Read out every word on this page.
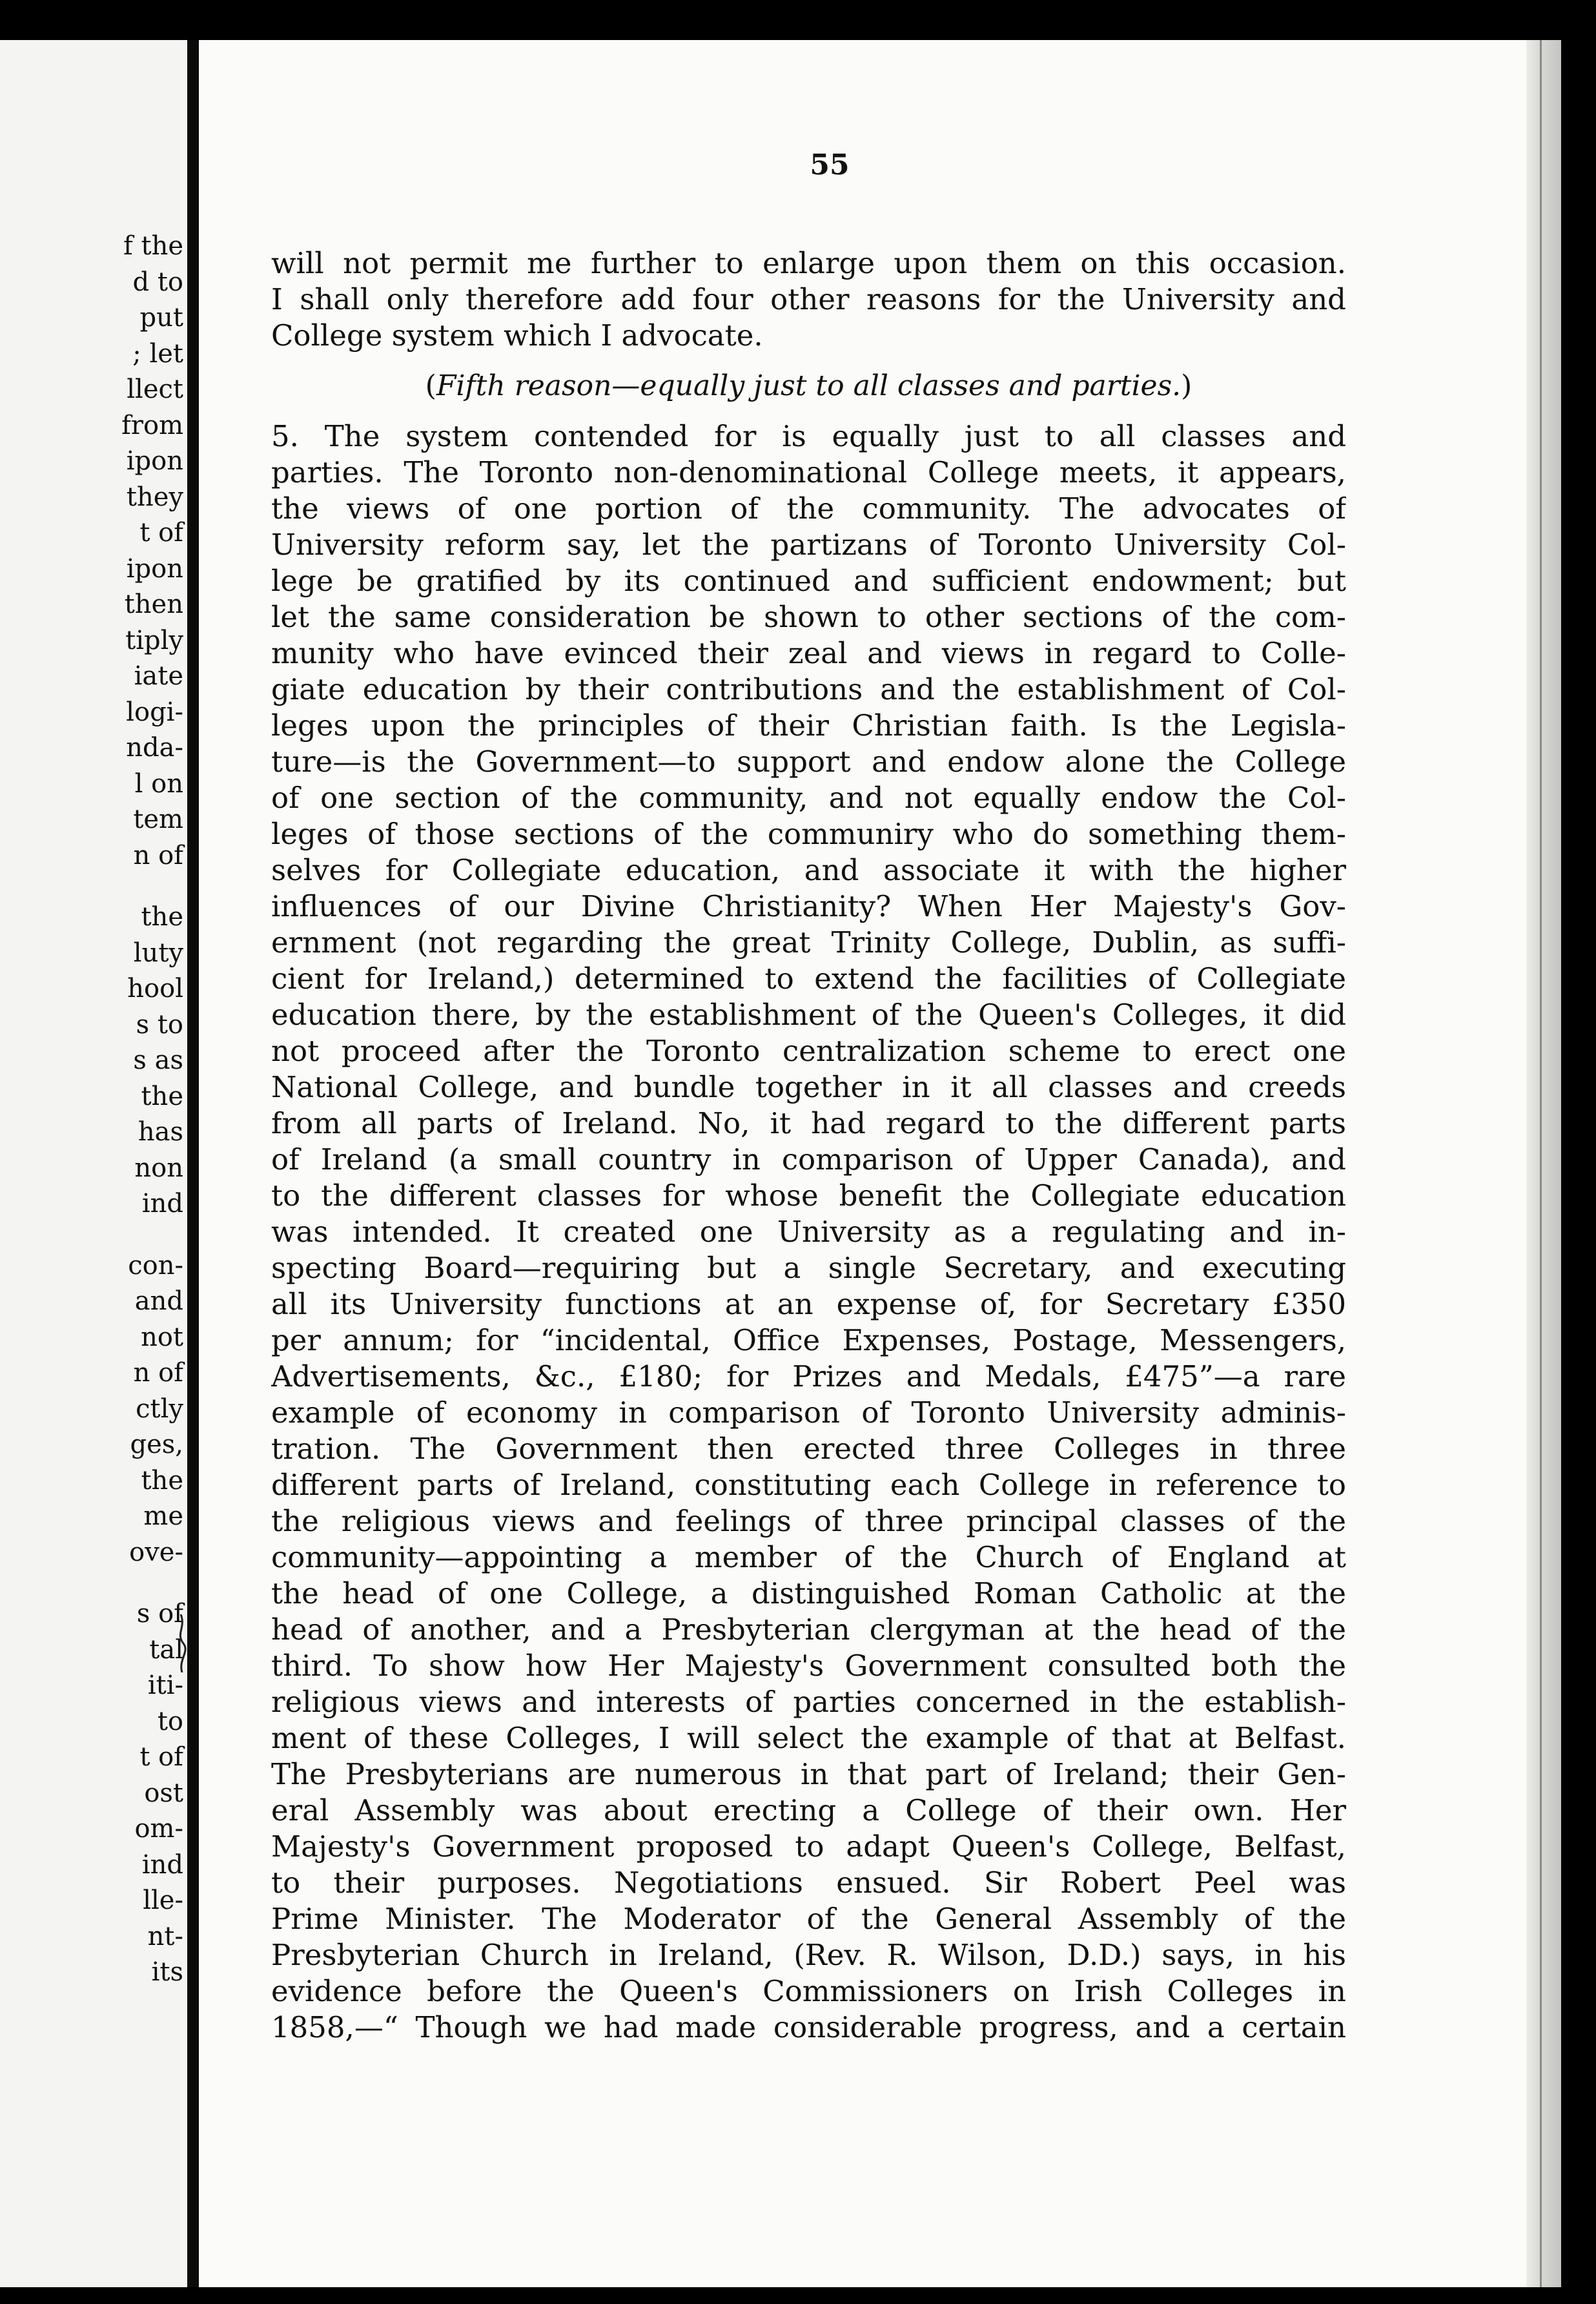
f the
d to
put
; let
llect
from
ipon
they
t of
ipon
then
tiply
iate
logi-
nda-
l on
tem
n of
the
luty
hool
s to
s as
the
has
non
ind
con-
and
not
n of
ctly
ges,
the
me
ove-
s of
tal
iti-
to
t of
ost
om-
ind
lle-
nt-
its
55
will not permit me further to enlarge upon them on this occasion.
I shall only therefore add four other reasons for the University and
College system which I advocate.
(Fifth reason—equally just to all classes and parties.)
5. The system contended for is equally just to all classes and
parties. The Toronto non-denominational College meets, it appears,
the views of one portion of the community. The advocates of
University reform say, let the partizans of Toronto University Col-
lege be gratified by its continued and sufficient endowment; but
let the same consideration be shown to other sections of the com-
munity who have evinced their zeal and views in regard to Colle-
giate education by their contributions and the establishment of Col-
leges upon the principles of their Christian faith. Is the Legisla-
ture—is the Government—to support and endow alone the College
of one section of the community, and not equally endow the Col-
leges of those sections of the communiry who do something them-
selves for Collegiate education, and associate it with the higher
influences of our Divine Christianity? When Her Majesty's Gov-
ernment (not regarding the great Trinity College, Dublin, as suffi-
cient for Ireland,) determined to extend the facilities of Collegiate
education there, by the establishment of the Queen's Colleges, it did
not proceed after the Toronto centralization scheme to erect one
National College, and bundle together in it all classes and creeds
from all parts of Ireland. No, it had regard to the different parts
of Ireland (a small country in comparison of Upper Canada), and
to the different classes for whose benefit the Collegiate education
was intended. It created one University as a regulating and in-
specting Board—requiring but a single Secretary, and executing
all its University functions at an expense of, for Secretary £350
per annum; for “incidental, Office Expenses, Postage, Messengers,
Advertisements, &c., £180; for Prizes and Medals, £475”—a rare
example of economy in comparison of Toronto University adminis-
tration. The Government then erected three Colleges in three
different parts of Ireland, constituting each College in reference to
the religious views and feelings of three principal classes of the
community—appointing a member of the Church of England at
the head of one College, a distinguished Roman Catholic at the
head of another, and a Presbyterian clergyman at the head of the
third. To show how Her Majesty's Government consulted both the
religious views and interests of parties concerned in the establish-
ment of these Colleges, I will select the example of that at Belfast.
The Presbyterians are numerous in that part of Ireland; their Gen-
eral Assembly was about erecting a College of their own. Her
Majesty's Government proposed to adapt Queen's College, Belfast,
to their purposes. Negotiations ensued. Sir Robert Peel was
Prime Minister. The Moderator of the General Assembly of the
Presbyterian Church in Ireland, (Rev. R. Wilson, D.D.) says, in his
evidence before the Queen's Commissioners on Irish Colleges in
1858,—“ Though we had made considerable progress, and a certain
